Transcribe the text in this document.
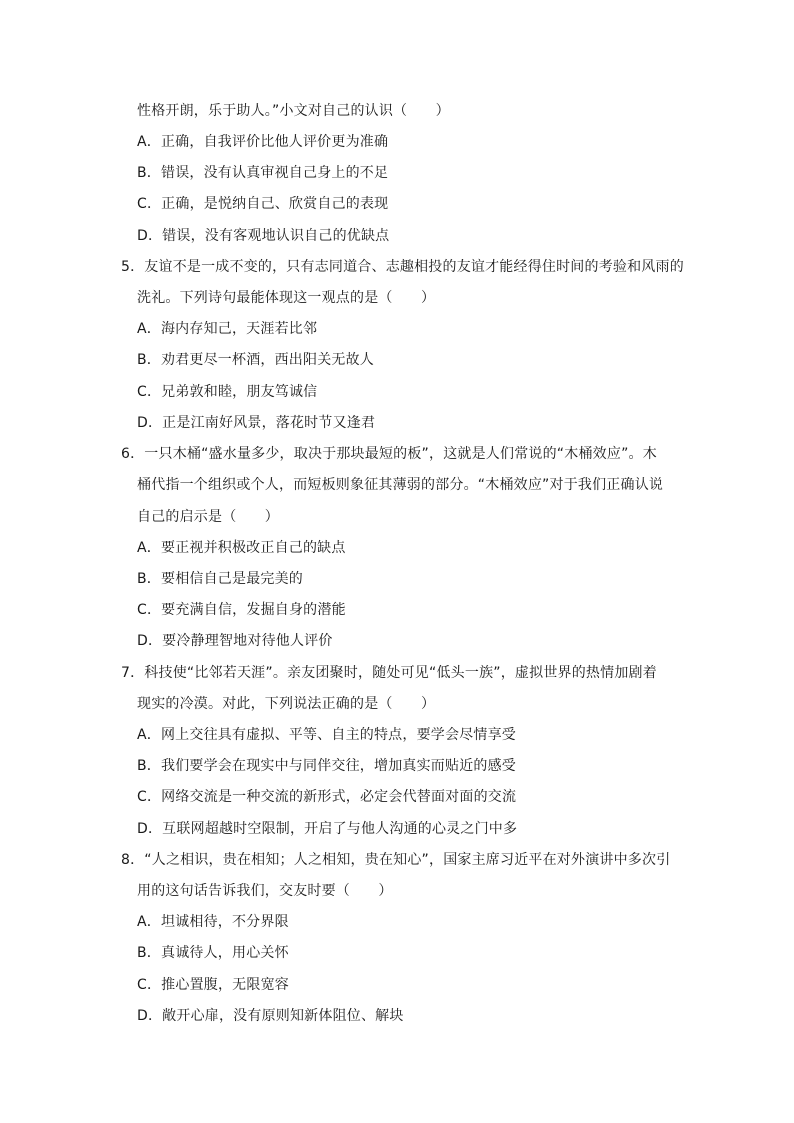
性格开朗，乐于助人。”小文对自己的认识（　　）
A．正确，自我评价比他人评价更为准确
B．错误，没有认真审视自己身上的不足
C．正确，是悦纳自己、欣赏自己的表现
D．错误，没有客观地认识自己的优缺点
5．友谊不是一成不变的，只有志同道合、志趣相投的友谊才能经得住时间的考验和风雨的
洗礼。下列诗句最能体现这一观点的是（　　）
A．海内存知己，天涯若比邻
B．劝君更尽一杯酒，西出阳关无故人
C．兄弟敦和睦，朋友笃诚信
D．正是江南好风景，落花时节又逢君
6．一只木桶“盛水量多少，取决于那块最短的板”，这就是人们常说的“木桶效应”。木
桶代指一个组织或个人，而短板则象征其薄弱的部分。“木桶效应”对于我们正确认说
自己的启示是（　　）
A．要正视并积极改正自己的缺点
B．要相信自己是最完美的
C．要充满自信，发掘自身的潜能
D．要冷静理智地对待他人评价
7．科技使“比邻若天涯”。亲友团聚时，随处可见“低头一族”，虚拟世界的热情加剧着
现实的冷漠。对此，下列说法正确的是（　　）
A．网上交往具有虚拟、平等、自主的特点，要学会尽情享受
B．我们要学会在现实中与同伴交往，增加真实而贴近的感受
C．网络交流是一种交流的新形式，必定会代替面对面的交流
D．互联网超越时空限制，开启了与他人沟通的心灵之门中多
8．“人之相识，贵在相知；人之相知，贵在知心”，国家主席习近平在对外演讲中多次引
用的这句话告诉我们，交友时要（　　）
A．坦诚相待，不分界限
B．真诚待人，用心关怀
C．推心置腹，无限宽容
D．敞开心扉，没有原则知新体阻位、解块
